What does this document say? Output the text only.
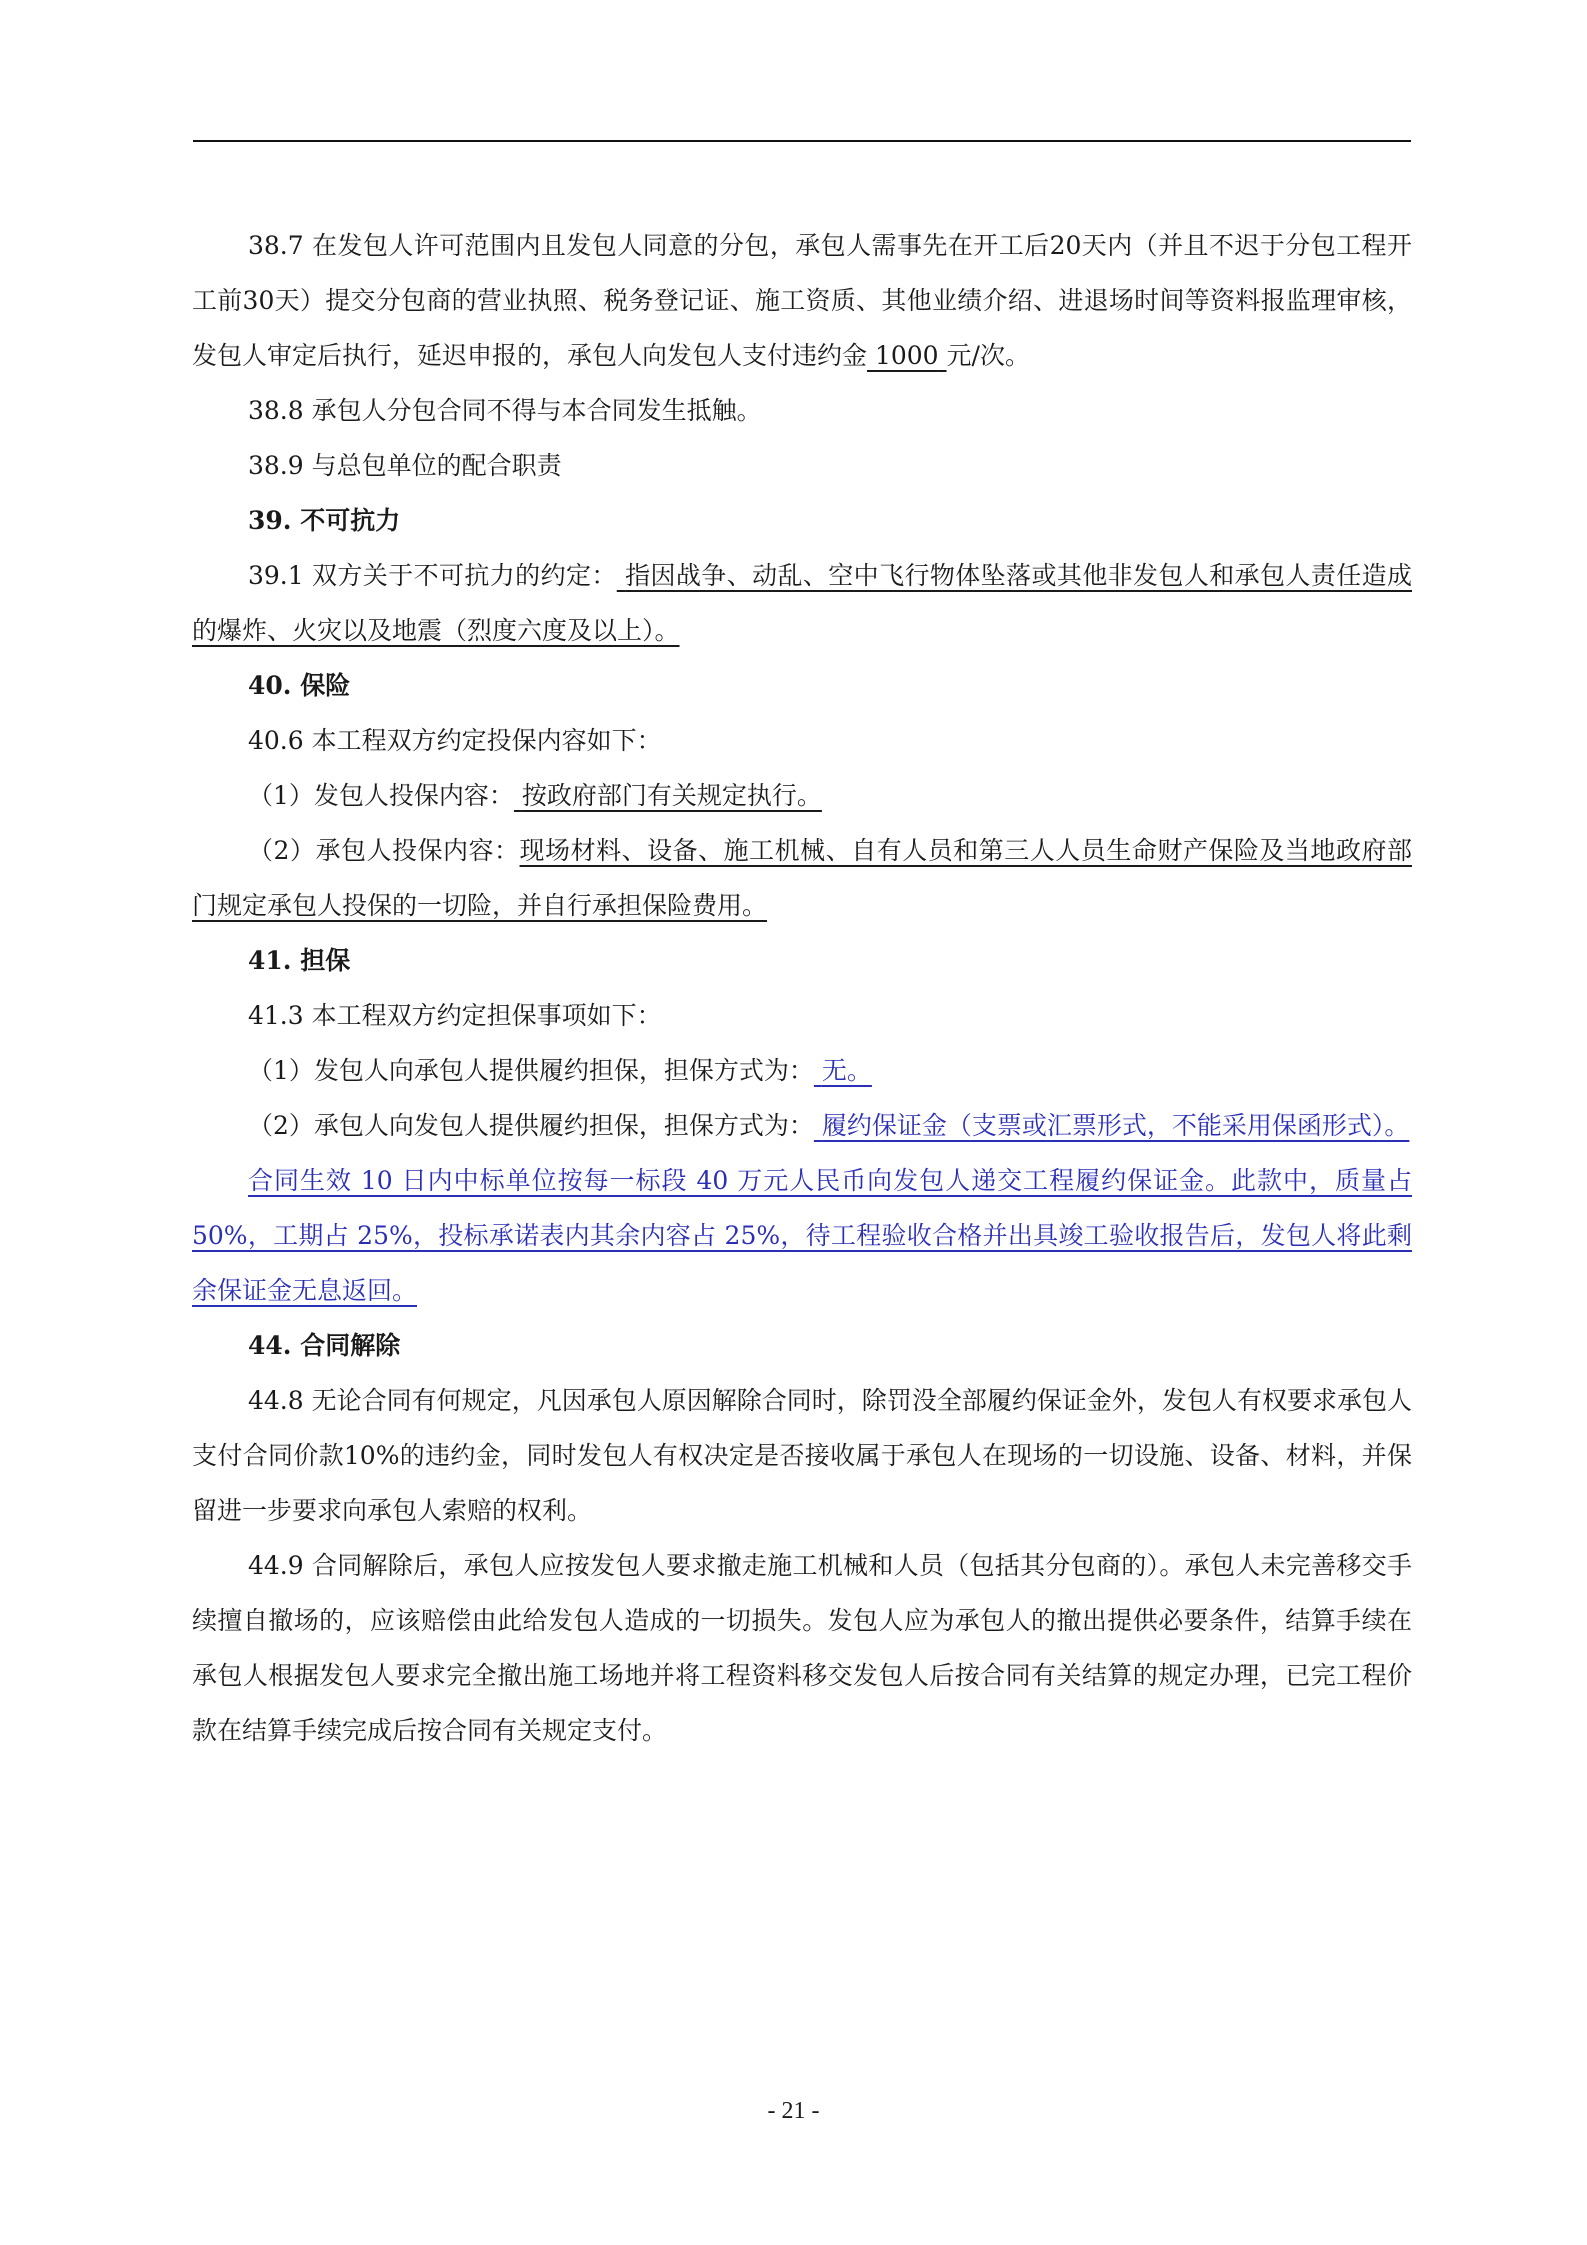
38.7 在发包人许可范围内且发包人同意的分包，承包人需事先在开工后20天内（并且不迟于分包工程开工前30天）提交分包商的营业执照、税务登记证、施工资质、其他业绩介绍、进退场时间等资料报监理审核，发包人审定后执行，延迟申报的，承包人向发包人支付违约金 1000 元/次。

38.8 承包人分包合同不得与本合同发生抵触。

38.9 与总包单位的配合职责

39. 不可抗力

39.1 双方关于不可抗力的约定： 指因战争、动乱、空中飞行物体坠落或其他非发包人和承包人责任造成的爆炸、火灾以及地震（烈度六度及以上）。

40. 保险

40.6 本工程双方约定投保内容如下：

（1）发包人投保内容： 按政府部门有关规定执行。

（2）承包人投保内容：现场材料、设备、施工机械、自有人员和第三人人员生命财产保险及当地政府部门规定承包人投保的一切险，并自行承担保险费用。

41. 担保

41.3 本工程双方约定担保事项如下：

（1）发包人向承包人提供履约担保，担保方式为： 无。

（2）承包人向发包人提供履约担保，担保方式为： 履约保证金（支票或汇票形式，不能采用保函形式）。

合同生效 10 日内中标单位按每一标段 40 万元人民币向发包人递交工程履约保证金。此款中，质量占 50%，工期占 25%，投标承诺表内其余内容占 25%，待工程验收合格并出具竣工验收报告后，发包人将此剩余保证金无息返回。

44. 合同解除

44.8 无论合同有何规定，凡因承包人原因解除合同时，除罚没全部履约保证金外，发包人有权要求承包人支付合同价款10%的违约金，同时发包人有权决定是否接收属于承包人在现场的一切设施、设备、材料，并保留进一步要求向承包人索赔的权利。

44.9 合同解除后，承包人应按发包人要求撤走施工机械和人员（包括其分包商的）。承包人未完善移交手续擅自撤场的，应该赔偿由此给发包人造成的一切损失。发包人应为承包人的撤出提供必要条件，结算手续在承包人根据发包人要求完全撤出施工场地并将工程资料移交发包人后按合同有关结算的规定办理，已完工程价款在结算手续完成后按合同有关规定支付。

- 21 -
